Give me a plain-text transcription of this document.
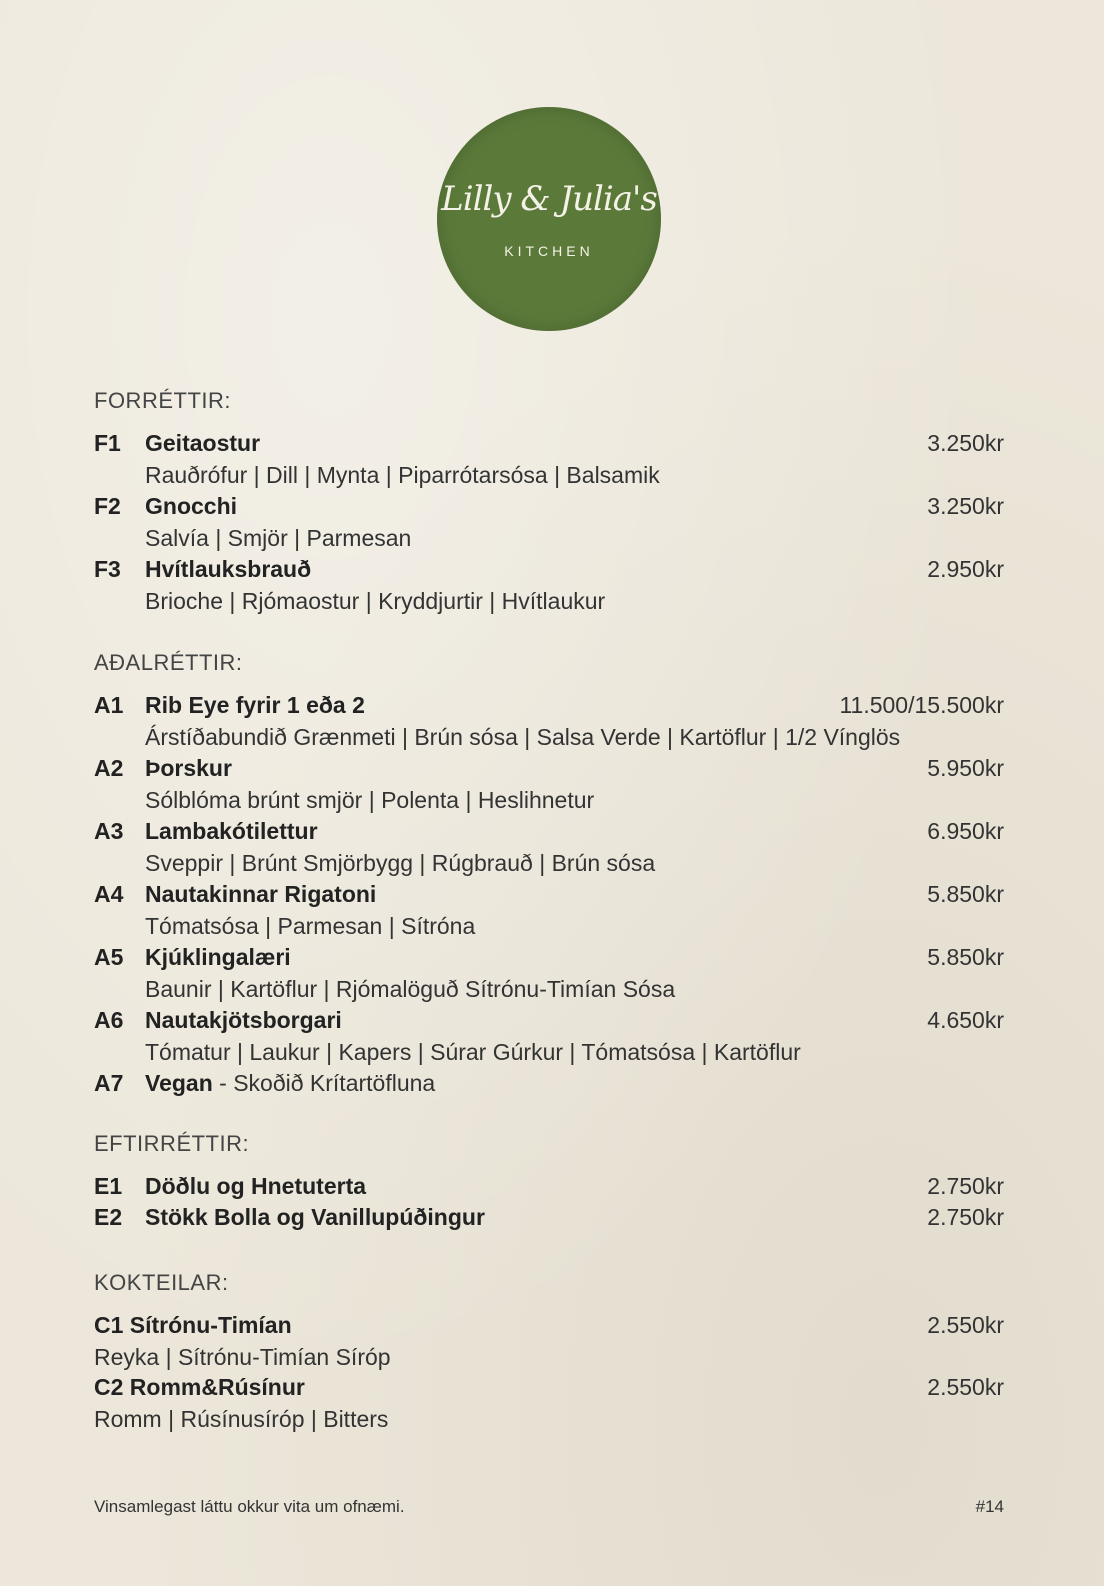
Lilly & Julia's
KITCHEN
FORRÉTTIR:
F1 Geitaostur	3.250kr
Rauðrófur | Dill | Mynta | Piparrótarsósa | Balsamik
F2 Gnocchi	3.250kr
Salvía | Smjör | Parmesan
F3 Hvítlauksbrauð	2.950kr
Brioche | Rjómaostur | Kryddjurtir | Hvítlaukur
AÐALRÉTTIR:
A1 Rib Eye fyrir 1 eða 2	11.500/15.500kr
Árstíðabundið Grænmeti | Brún sósa | Salsa Verde | Kartöflur | 1/2 Vínglös
A2 Þorskur	5.950kr
Sólblóma brúnt smjör | Polenta | Heslihnetur
A3 Lambakótilettur	6.950kr
Sveppir | Brúnt Smjörbygg | Rúgbrauð | Brún sósa
A4 Nautakinnar Rigatoni	5.850kr
Tómatsósa | Parmesan | Sítróna
A5 Kjúklingalæri	5.850kr
Baunir | Kartöflur | Rjómalöguð Sítrónu-Timían Sósa
A6 Nautakjötsborgari	4.650kr
Tómatur | Laukur | Kapers | Súrar Gúrkur | Tómatsósa | Kartöflur
A7 Vegan - Skoðið Krítartöfluna
EFTIRRÉTTIR:
E1 Döðlu og Hnetuterta	2.750kr
E2 Stökk Bolla og Vanillupúðingur	2.750kr
KOKTEILAR:
C1 Sítrónu-Timían	2.550kr
Reyka | Sítrónu-Timían Síróp
C2 Romm&Rúsínur	2.550kr
Romm | Rúsínusíróp | Bitters
Vinsamlegast láttu okkur vita um ofnæmi.	#14
